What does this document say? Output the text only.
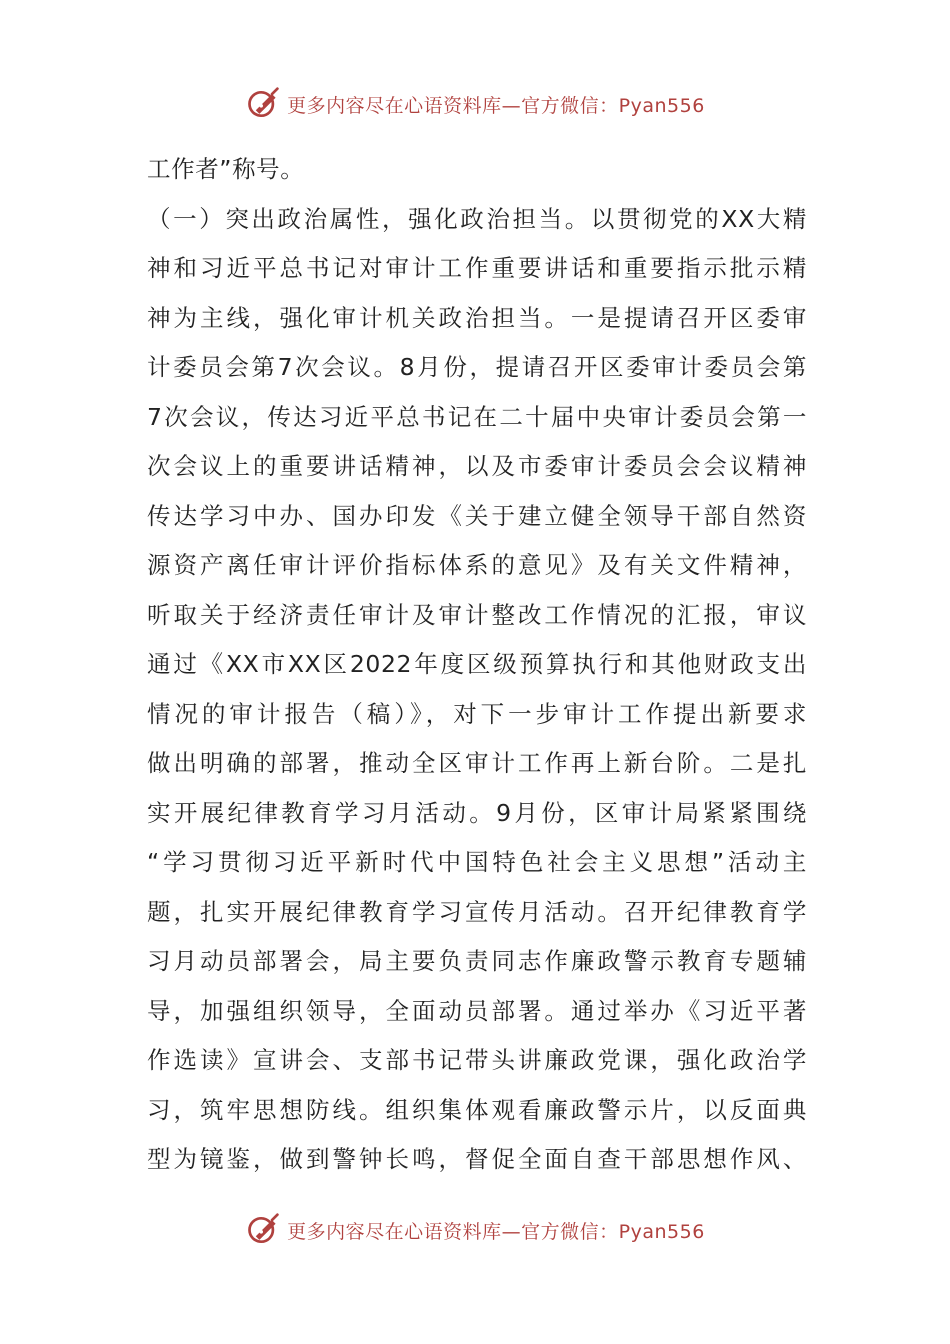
更多内容尽在心语资料库—官方微信：Pyan556
工作者”称号。
（一）突出政治属性，强化政治担当。以贯彻党的XX大精
神和习近平总书记对审计工作重要讲话和重要指示批示精
神为主线，强化审计机关政治担当。一是提请召开区委审
计委员会第7次会议。8月份，提请召开区委审计委员会第
7次会议，传达习近平总书记在二十届中央审计委员会第一
次会议上的重要讲话精神，以及市委审计委员会会议精神
传达学习中办、国办印发《关于建立健全领导干部自然资
源资产离任审计评价指标体系的意见》及有关文件精神，
听取关于经济责任审计及审计整改工作情况的汇报，审议
通过《XX市XX区2022年度区级预算执行和其他财政支出
情况的审计报告（稿）》，对下一步审计工作提出新要求
做出明确的部署，推动全区审计工作再上新台阶。二是扎
实开展纪律教育学习月活动。9月份，区审计局紧紧围绕
“学习贯彻习近平新时代中国特色社会主义思想”活动主
题，扎实开展纪律教育学习宣传月活动。召开纪律教育学
习月动员部署会，局主要负责同志作廉政警示教育专题辅
导，加强组织领导，全面动员部署。通过举办《习近平著
作选读》宣讲会、支部书记带头讲廉政党课，强化政治学
习，筑牢思想防线。组织集体观看廉政警示片，以反面典
型为镜鉴，做到警钟长鸣，督促全面自查干部思想作风、
更多内容尽在心语资料库—官方微信：Pyan556
